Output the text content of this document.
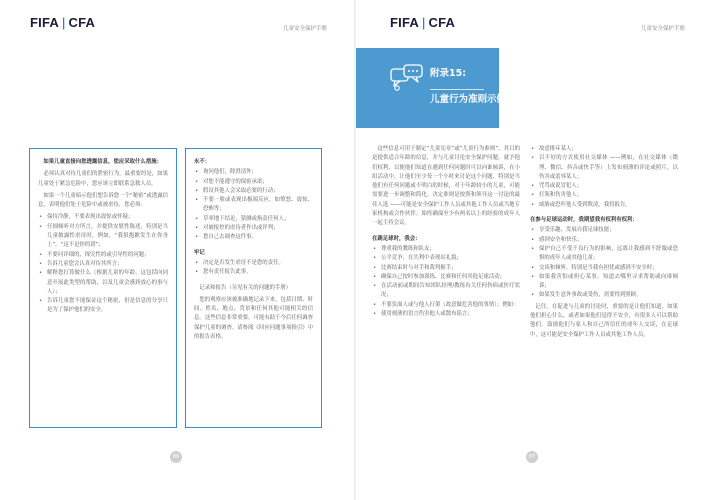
FIFA | CFA	儿童安全保护手册

如果儿童直接向您透露信息，您应采取什么措施：

必须认真对待儿童们的泄密行为。最重要的是，如果儿童处于紧急危险中，您应该立即联系急救人员。

如果一个儿童暗示他们想告诉您一个“秘密”或透露信息，表明他们处于危险中或被虐待，您必须：

• 保持冷静，不要表现出震惊或怀疑；
• 仔细倾听对方所言，并提供安慰性陈述，特别是当儿童披露性虐待时，例如，“我很抱歉发生在你身上”，“这不是你的错”；
• 不要问详细的、探究性的或引导性的问题；
• 告诉儿童您会认真对待其所言；
• 解释您打算做什么（根据儿童的年龄，这包括向同意开展此类型的帮助，以及儿童会感到放心的事与人）；
• 告诉儿童您不能保证这个秘密，但是信息的分享只是为了保护他们的安全。
永不：
• 询问他们，除澄清外；
• 对您不能遵守的保密承诺；
• 假设其他人会采取必要的行动；
• 不要一脸或表现出极端反应，如愤怒、震惊、恐怖等；
• 草率地下结论，猜测或指责任何人；
• 对被报控的虐待者作出或评判；
• 您自己去调查这件事。
牢记
• 决定是否发生虐待不是您的责任。
• 您有责任报告此事。

记录和报告（另见有关的问题的手册）

您的观察应该被准确地记录下来，包括日期、时间、姓名、地点、背景和任何其他可能相关的信息。这些信息非常重要，可能有助于今后任何调查保护儿童的调查。请参阅《回应问题事项指引》中的报告表格。

86
FIFA | CFA	儿童安全保护手册
附录15:
儿童行为准则示例

这些信息可用于制定“儿童宪章”或“儿童行为准则”，其目的是提供适合年龄的信息，并与儿童讨论安全保护问题。就予他们权利，以便他们知道在遇到任何问题时可以向谁倾诉，在小组活动中，让他们至少每一个小时来讨论这个问题，特别是当他们有任何问题或不明白的时候，对于年龄较小的儿童，可能需要进一步调整和简化。决定准则是按照和领导这一讨论的最佳人选 ——可能是安全保护工作人员或其他工作人员或当地专家机构或合作伙伴。始终确保至少有两名以上的经验的成年人一起主持会议。

在踢足球时，我会：
• 尊重我的教练和队友；
• 公平竞争，在失利中表现出礼貌；
• 比赛结束时与对手和裁判握手；
• 确保自己按时参加训练、比赛和任何其他足球活动；
• 在活动前或期间告知团队经理/教练有关任何伤病或医疗状况；
• 不要负面人或与他人打架（故意做危害他的事情）；例如：
• 使用刻薄的语言伤害他人或散布谣言；
• 故意排斥某人；
• 以不好的方式使用社交媒体 ——例如，在社交媒体（微博、微信、抖音或快手等）上发布刻薄的评论或照片，以伤害或羞辱某人；
• 咒骂或说冒犯人；
• 打架和伤害他人；
• 威胁或恐吓他人受到欺凌，我将报告。
在参与足球运动时，我期望我有权利有权利：
• 享受乐趣、发展自我足球技能；
• 感到安全和快乐；
• 保护自己不受不良行为的影响，远离让我感到不舒服或恐惧的成年人或其他儿童；
• 交谈和倾听，特别是当我有担忧或感到不安全时；
• 如果我害怕或担心某事，知道去哪里寻求帮助或向谁倾诉；
• 如果发生意外事故或受伤，需要得到照顾。

记住，在促进与儿童的讨论时，重要的是让他们知道，如果他们担心什么，或者如果他们觉得不安全，有很多人可以帮助他们。鼓励他们与家人和自己所信任的成年人交谈，在足球中，这可能是安全保护工作人员或其他工作人员。

87
